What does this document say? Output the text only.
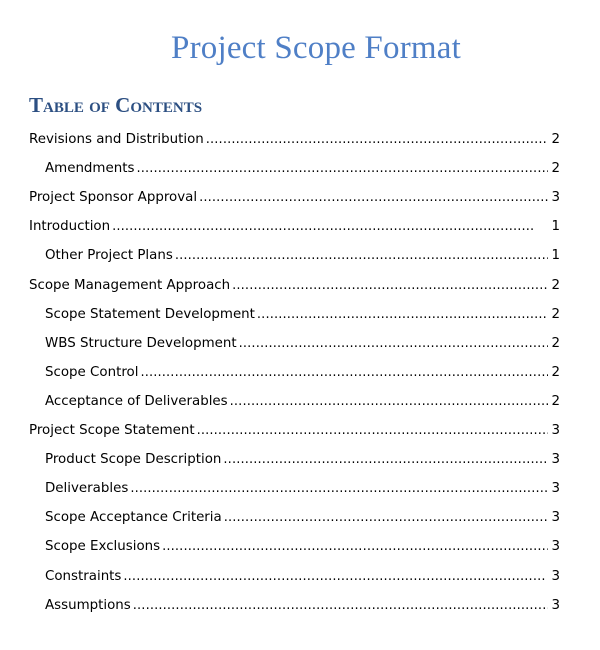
Project Scope Format
Table of Contents
Revisions and Distribution . . .	2
Amendments . . .	2
Project Sponsor Approval . . .	3
Introduction . . .	1
Other Project Plans . . .	1
Scope Management Approach . . .	2
Scope Statement Development . . .	2
WBS Structure Development . . .	2
Scope Control . . .	2
Acceptance of Deliverables . . .	2
Project Scope Statement . . .	3
Product Scope Description . . .	3
Deliverables . . .	3
Scope Acceptance Criteria . . .	3
Scope Exclusions . . .	3
Constraints . . .	3
Assumptions . . .	3
